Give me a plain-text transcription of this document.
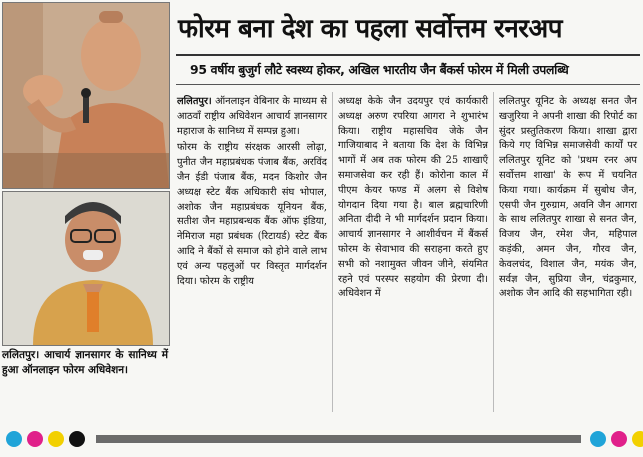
ललितपुर। आचार्य ज्ञानसागर के सानिध्य में हुआ ऑनलाइन फोरम अधिवेशन।
फोरम बना देश का पहला सर्वोत्तम रनरअप
95 वर्षीय बुजुर्ग लौटे स्वस्थ्य होकर, अखिल भारतीय जैन बैंकर्स फोरम में मिली उपलब्धि

ललितपुर। ऑनलाइन वेबिनार के माध्यम से आठवाँ राष्ट्रीय अधिवेशन आचार्य ज्ञानसागर महाराज के सानिध्य में सम्पन्न हुआ।

फोरम के राष्ट्रीय संरक्षक आरसी लोढ़ा, पुनीत जैन महाप्रबंधक पंजाब बैंक, अरविंद जैन ईडी पंजाब बैंक, मदन किशोर जैन अध्यक्ष स्टेट बैंक अधिकारी संघ भोपाल, अशोक जैन महाप्रबंधक यूनियन बैंक, सतीश जैन महाप्रबन्धक बैंक ऑफ इंडिया, नेमिराज महा प्रबंधक (रिटायर्ड) स्टेट बैंक आदि ने बैंकों से समाज को होने वाले लाभ एवं अन्य पहलुओं पर विस्तृत मार्गदर्शन दिया। फोरम के राष्ट्रीय

अध्यक्ष केके जैन उदयपुर एवं कार्यकारी अध्यक्ष अरुण रपरिया आगरा ने शुभारंभ किया। राष्ट्रीय महासचिव जेके जैन गाजियाबाद ने बताया कि देश के विभिन्न भागों में अब तक फोरम की 25 शाखाएँ समाजसेवा कर रही हैं। कोरोना काल में पीएम केयर फण्ड में अलग से विशेष योगदान दिया गया है। बाल ब्रह्मचारिणी अनिता दीदी ने भी मार्गदर्शन प्रदान किया। आचार्य ज्ञानसागर ने आशीर्वचन में बैंकर्स फोरम के सेवाभाव की सराहना करते हुए सभी को नशामुक्त जीवन जीने, संयमित रहने एवं परस्पर सहयोग की प्रेरणा दी। अधिवेशन में

ललितपुर यूनिट के अध्यक्ष सनत जैन खजुरिया ने अपनी शाखा की रिपोर्ट का सुंदर प्रस्तुतिकरण किया। शाखा द्वारा किये गए विभिन्न समाजसेवी कार्यों पर ललितपुर यूनिट को 'प्रथम रनर अप सर्वोत्तम शाखा' के रूप में चयनित किया गया। कार्यक्रम में सुबोध जैन, एसपी जैन गुरुग्राम, अवनि जैन आगरा के साथ ललितपुर शाखा से सनत जैन, विजय जैन, रमेश जैन, महिपाल कड़ंकी, अमन जैन, गौरव जैन, केवलचंद, विशाल जैन, मयंक जैन, सर्वज्ञ जैन, सुप्रिया जैन, चंद्रकुमार, अशोक जैन आदि की सहभागिता रही।
